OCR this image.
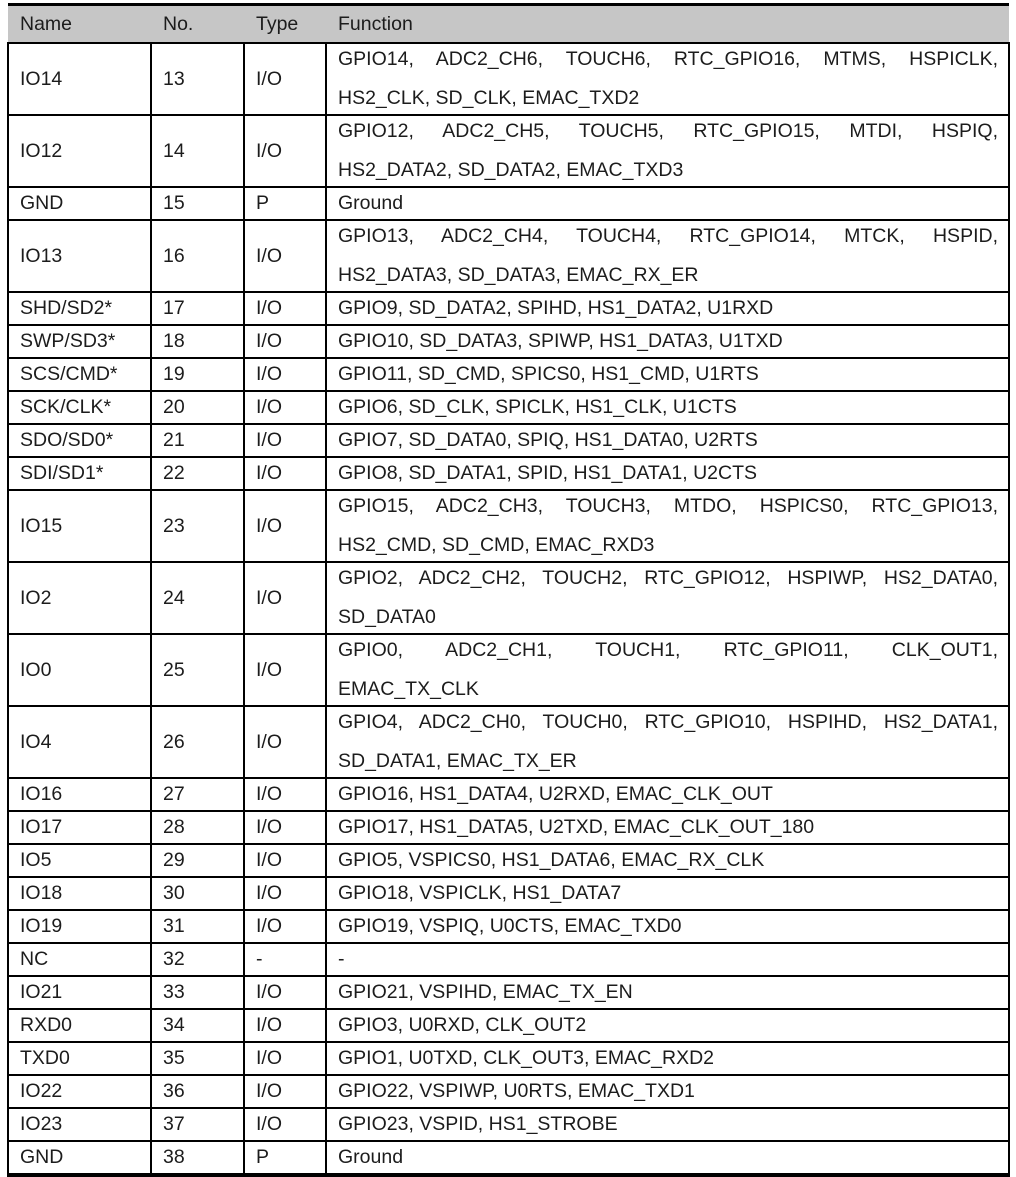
Name	No.	Type	Function
IO14	13	I/O	GPIO14, ADC2_CH6, TOUCH6, RTC_GPIO16, MTMS, HSPICLK,
HS2_CLK, SD_CLK, EMAC_TXD2

IO12	14	I/O	GPIO12, ADC2_CH5, TOUCH5, RTC_GPIO15, MTDI, HSPIQ,
HS2_DATA2, SD_DATA2, EMAC_TXD3

GND	15	P	Ground

IO13	16	I/O	GPIO13, ADC2_CH4, TOUCH4, RTC_GPIO14, MTCK, HSPID,
HS2_DATA3, SD_DATA3, EMAC_RX_ER

SHD/SD2*	17	I/O	GPIO9, SD_DATA2, SPIHD, HS1_DATA2, U1RXD

SWP/SD3*	18	I/O	GPIO10, SD_DATA3, SPIWP, HS1_DATA3, U1TXD

SCS/CMD*	19	I/O	GPIO11, SD_CMD, SPICS0, HS1_CMD, U1RTS

SCK/CLK*	20	I/O	GPIO6, SD_CLK, SPICLK, HS1_CLK, U1CTS

SDO/SD0*	21	I/O	GPIO7, SD_DATA0, SPIQ, HS1_DATA0, U2RTS

SDI/SD1*	22	I/O	GPIO8, SD_DATA1, SPID, HS1_DATA1, U2CTS

IO15	23	I/O	GPIO15, ADC2_CH3, TOUCH3, MTDO, HSPICS0, RTC_GPIO13,
HS2_CMD, SD_CMD, EMAC_RXD3

IO2	24	I/O	GPIO2, ADC2_CH2, TOUCH2, RTC_GPIO12, HSPIWP, HS2_DATA0,
SD_DATA0

IO0	25	I/O	GPIO0, ADC2_CH1, TOUCH1, RTC_GPIO11, CLK_OUT1,
EMAC_TX_CLK

IO4	26	I/O	GPIO4, ADC2_CH0, TOUCH0, RTC_GPIO10, HSPIHD, HS2_DATA1,
SD_DATA1, EMAC_TX_ER

IO16	27	I/O	GPIO16, HS1_DATA4, U2RXD, EMAC_CLK_OUT

IO17	28	I/O	GPIO17, HS1_DATA5, U2TXD, EMAC_CLK_OUT_180

IO5	29	I/O	GPIO5, VSPICS0, HS1_DATA6, EMAC_RX_CLK

IO18	30	I/O	GPIO18, VSPICLK, HS1_DATA7

IO19	31	I/O	GPIO19, VSPIQ, U0CTS, EMAC_TXD0

NC	32	-	-

IO21	33	I/O	GPIO21, VSPIHD, EMAC_TX_EN

RXD0	34	I/O	GPIO3, U0RXD, CLK_OUT2

TXD0	35	I/O	GPIO1, U0TXD, CLK_OUT3, EMAC_RXD2

IO22	36	I/O	GPIO22, VSPIWP, U0RTS, EMAC_TXD1

IO23	37	I/O	GPIO23, VSPID, HS1_STROBE

GND	38	P	Ground
